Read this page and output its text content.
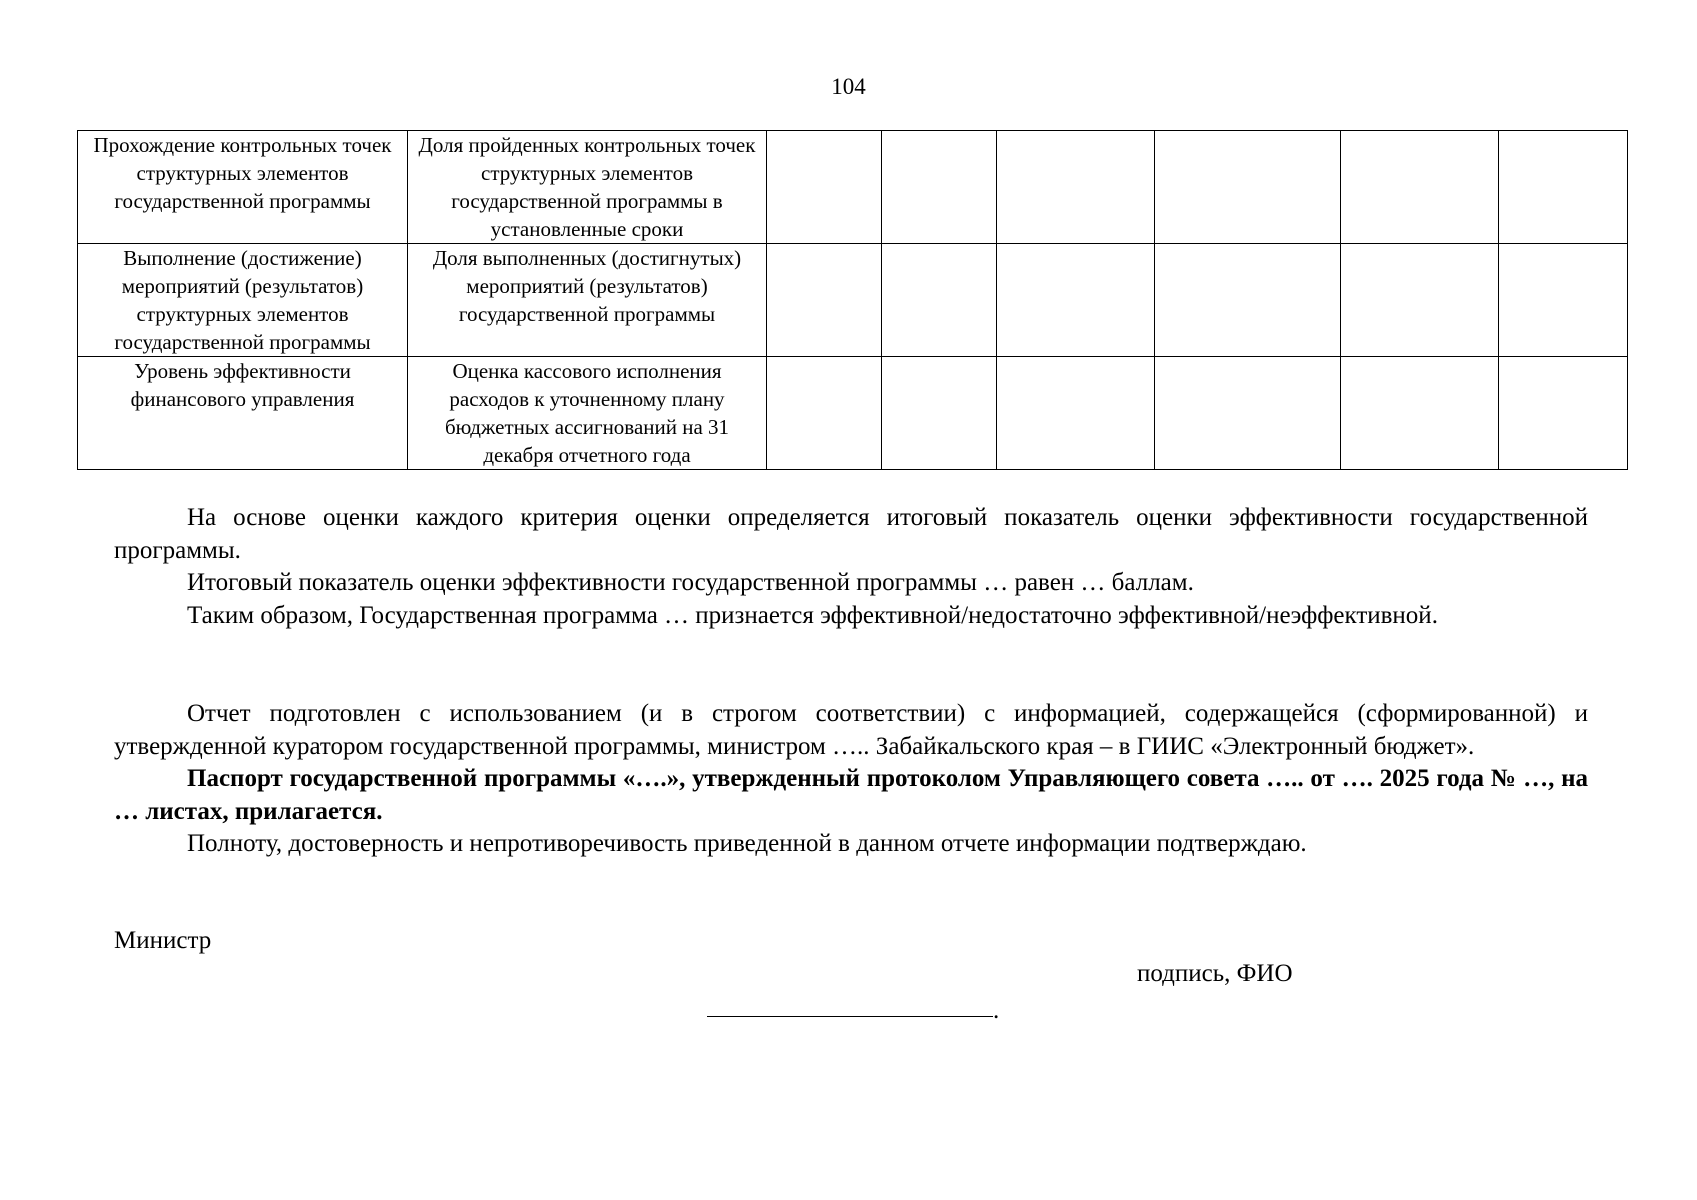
104
Прохождение контрольных точек структурных элементов государственной программы	Доля пройденных контрольных точек структурных элементов государственной программы в установленные сроки						
Выполнение (достижение) мероприятий (результатов) структурных элементов государственной программы	Доля выполненных (достигнутых) мероприятий (результатов) государственной программы						
Уровень эффективности финансового управления	Оценка кассового исполнения расходов к уточненному плану бюджетных ассигнований на 31 декабря отчетного года						

На основе оценки каждого критерия оценки определяется итоговый показатель оценки эффективности государственной программы.

Итоговый показатель оценки эффективности государственной программы … равен … баллам.

Таким образом, Государственная программа … признается эффективной/недостаточно эффективной/неэффективной.

Отчет подготовлен с использованием (и в строгом соответствии) с информацией, содержащейся (сформированной) и утвержденной куратором государственной программы, министром ….. Забайкальского края – в ГИИС «Электронный бюджет».

Паспорт государственной программы «….», утвержденный протоколом Управляющего совета ….. от …. 2025 года № …, на … листах, прилагается.

Полноту, достоверность и непротиворечивость приведенной в данном отчете информации подтверждаю.

Министр
подпись, ФИО
.
